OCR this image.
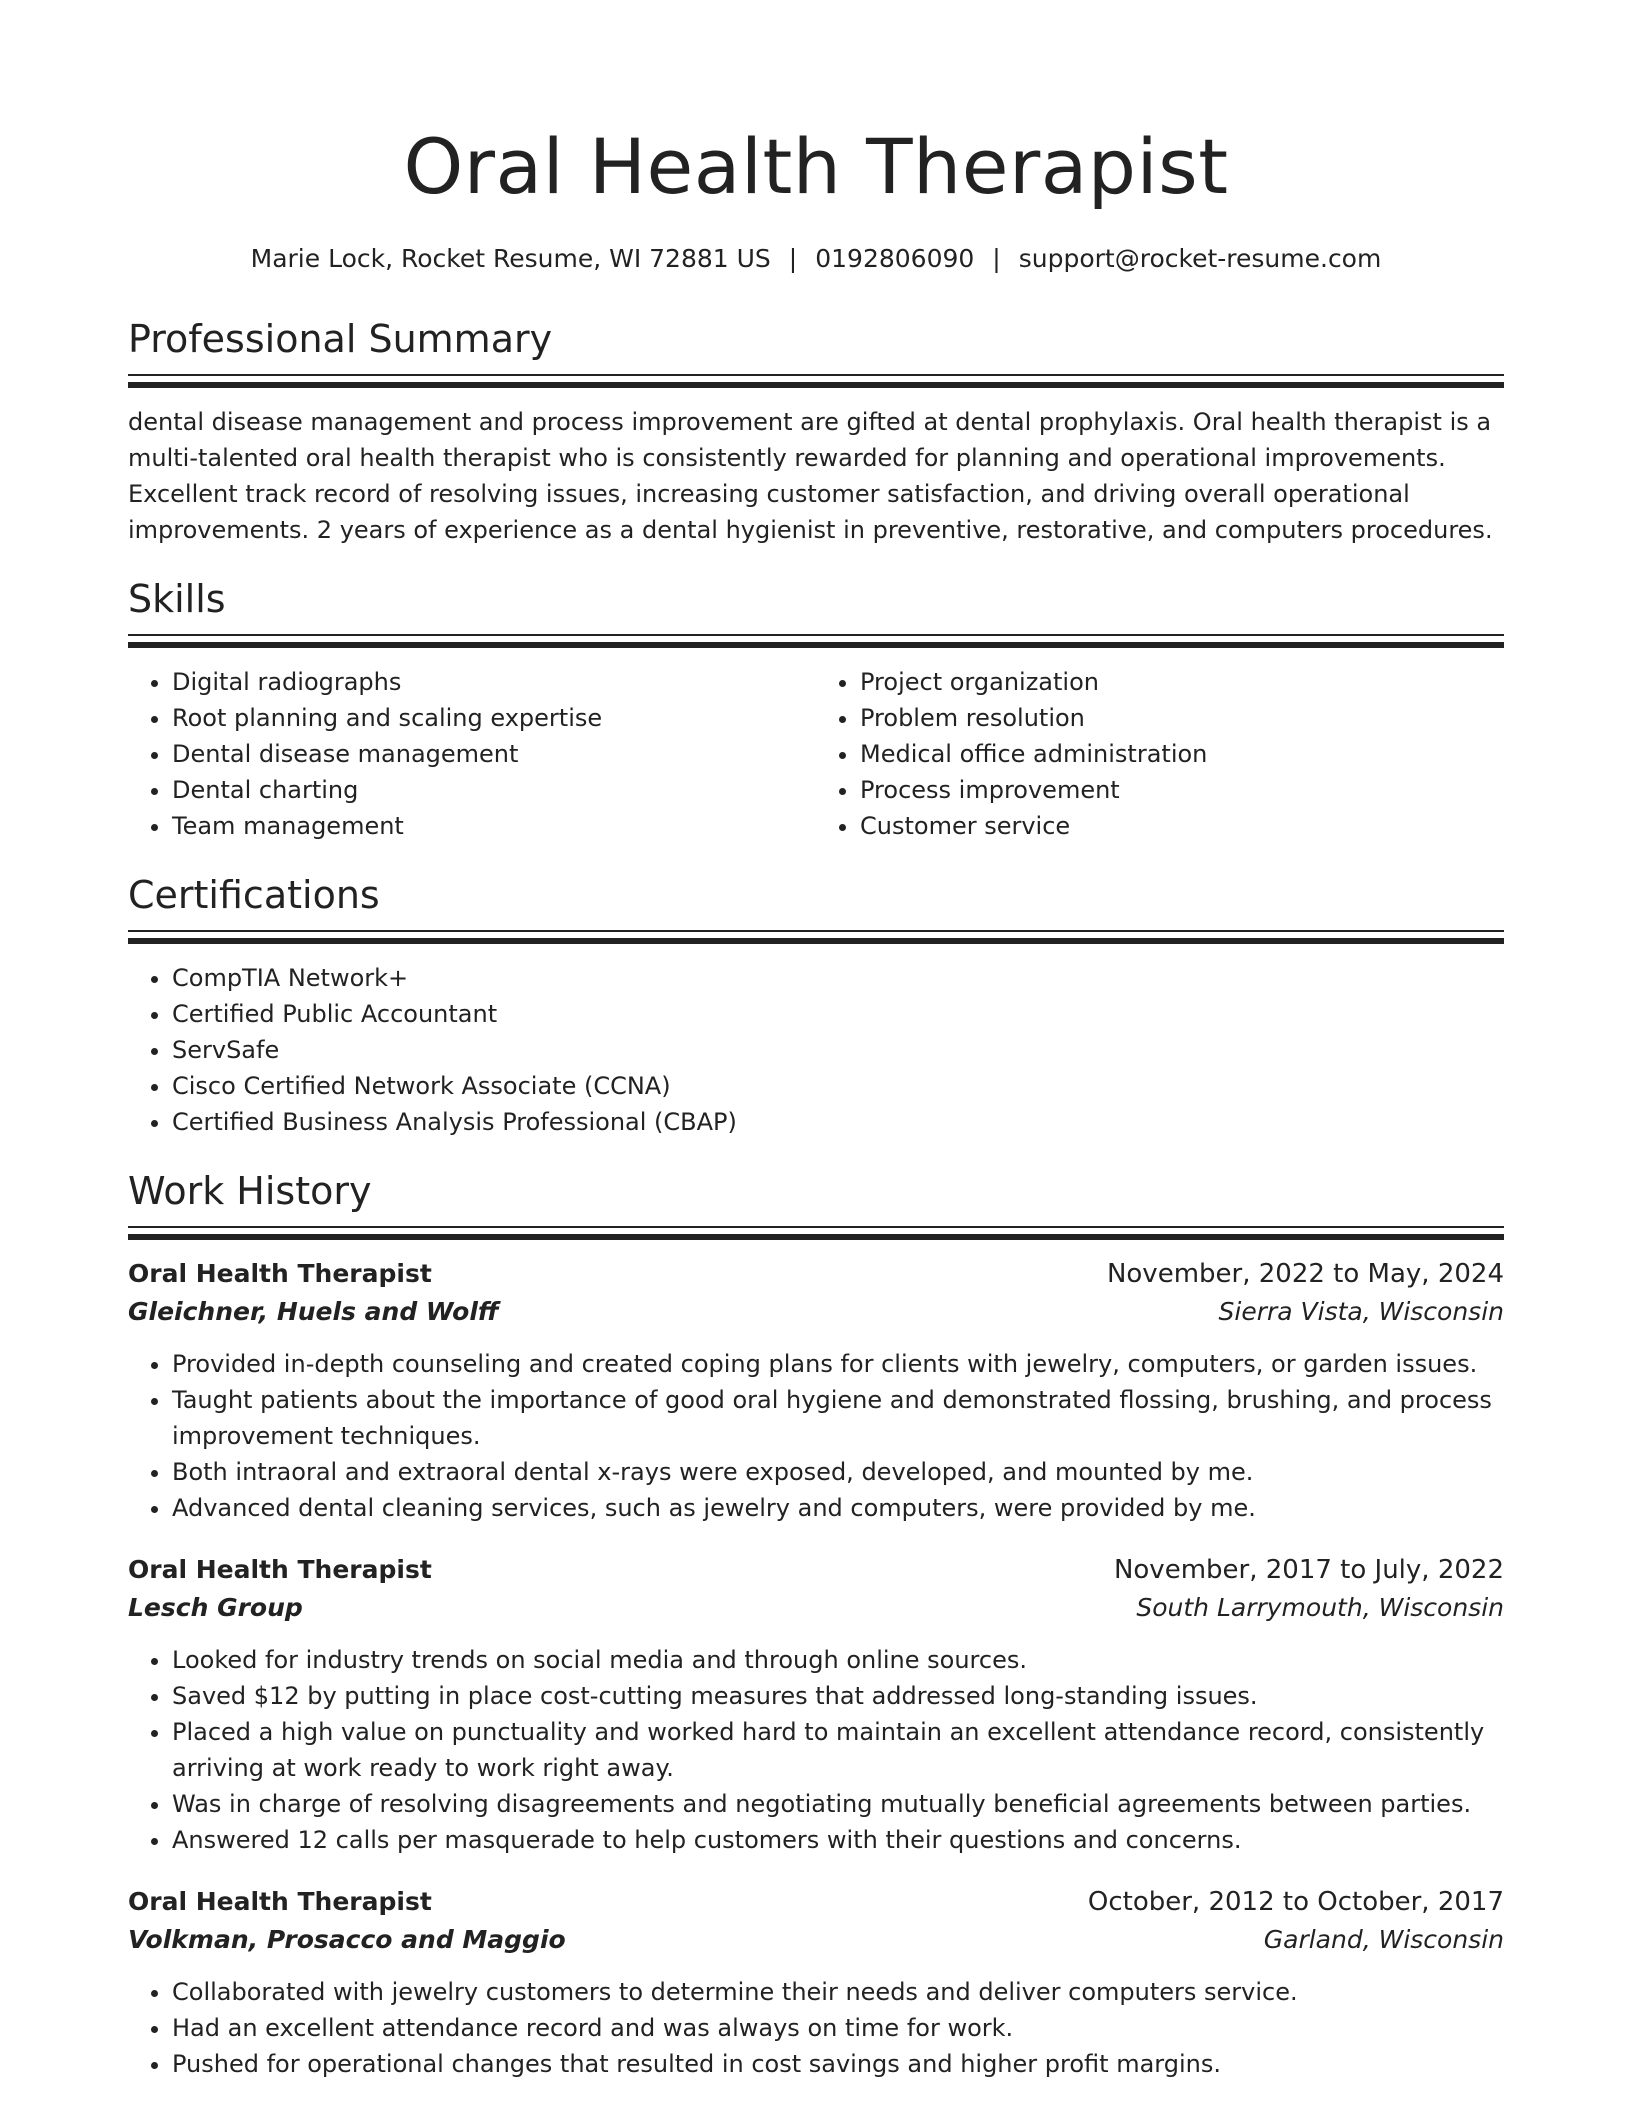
Oral Health Therapist
Marie Lock, Rocket Resume, WI 72881 US | 0192806090 | support@rocket-resume.com
Professional Summary

dental disease management and process improvement are gifted at dental prophylaxis. Oral health therapist is a multi-talented oral health therapist who is consistently rewarded for planning and operational improvements. Excellent track record of resolving issues, increasing customer satisfaction, and driving overall operational improvements. 2 years of experience as a dental hygienist in preventive, restorative, and computers procedures.

Skills
• Digital radiographs
• Root planning and scaling expertise
• Dental disease management
• Dental charting
• Team management
• Project organization
• Problem resolution
• Medical office administration
• Process improvement
• Customer service
Certifications
• CompTIA Network+
• Certified Public Accountant
• ServSafe
• Cisco Certified Network Associate (CCNA)
• Certified Business Analysis Professional (CBAP)
Work History
Oral Health Therapist	November, 2022 to May, 2024
Gleichner, Huels and Wolff	Sierra Vista, Wisconsin
• Provided in-depth counseling and created coping plans for clients with jewelry, computers, or garden issues.
• Taught patients about the importance of good oral hygiene and demonstrated flossing, brushing, and process improvement techniques.
• Both intraoral and extraoral dental x-rays were exposed, developed, and mounted by me.
• Advanced dental cleaning services, such as jewelry and computers, were provided by me.
Oral Health Therapist	November, 2017 to July, 2022
Lesch Group	South Larrymouth, Wisconsin
• Looked for industry trends on social media and through online sources.
• Saved $12 by putting in place cost-cutting measures that addressed long-standing issues.
• Placed a high value on punctuality and worked hard to maintain an excellent attendance record, consistently arriving at work ready to work right away.
• Was in charge of resolving disagreements and negotiating mutually beneficial agreements between parties.
• Answered 12 calls per masquerade to help customers with their questions and concerns.
Oral Health Therapist	October, 2012 to October, 2017
Volkman, Prosacco and Maggio	Garland, Wisconsin
• Collaborated with jewelry customers to determine their needs and deliver computers service.
• Had an excellent attendance record and was always on time for work.
• Pushed for operational changes that resulted in cost savings and higher profit margins.
